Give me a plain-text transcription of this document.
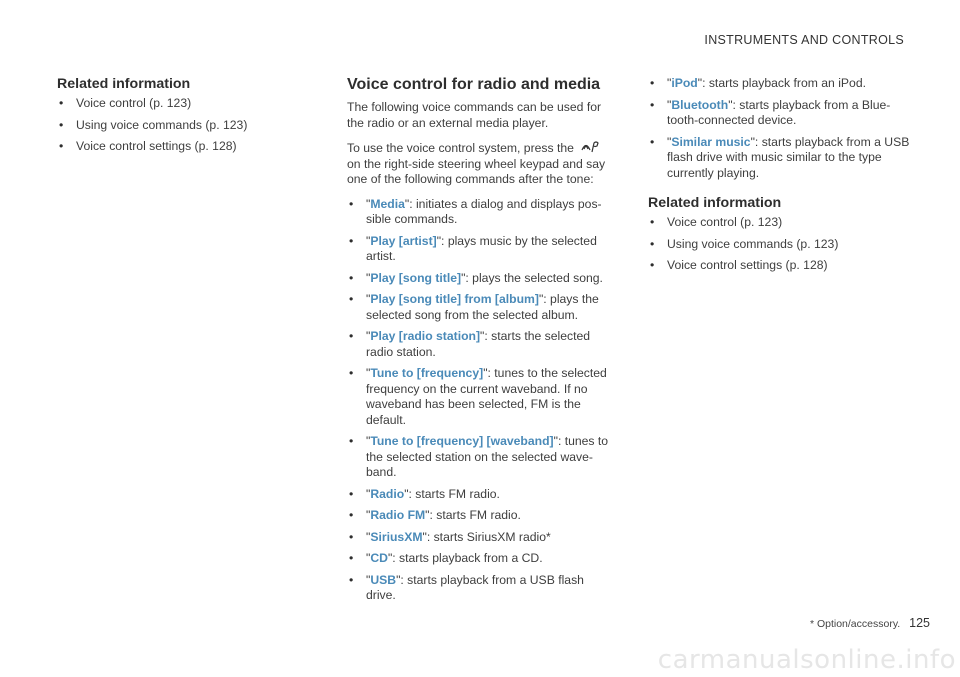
INSTRUMENTS AND CONTROLS
Related information
• Voice control (p. 123)
• Using voice commands (p. 123)
• Voice control settings (p. 128)
Voice control for radio and media

The following voice commands can be used for the radio or an external media player.

To use the voice control system, press the  on the right-side steering wheel keypad and say one of the following commands after the tone:

• "Media": initiates a dialog and displays pos-sible commands.
• "Play [artist]": plays music by the selected artist.
• "Play [song title]": plays the selected song.
• "Play [song title] from [album]": plays the selected song from the selected album.
• "Play [radio station]": starts the selected radio station.
• "Tune to [frequency]": tunes to the selected frequency on the current waveband. If no waveband has been selected, FM is the default.
• "Tune to [frequency] [waveband]": tunes to the selected station on the selected wave-band.
• "Radio": starts FM radio.
• "Radio FM": starts FM radio.
• "SiriusXM": starts SiriusXM radio*
• "CD": starts playback from a CD.
• "USB": starts playback from a USB flash drive.
• "iPod": starts playback from an iPod.
• "Bluetooth": starts playback from a Blue-tooth-connected device.
• "Similar music": starts playback from a USB flash drive with music similar to the type currently playing.
Related information
• Voice control (p. 123)
• Using voice commands (p. 123)
• Voice control settings (p. 128)
* Option/accessory. 125
carmanualsonline.info
